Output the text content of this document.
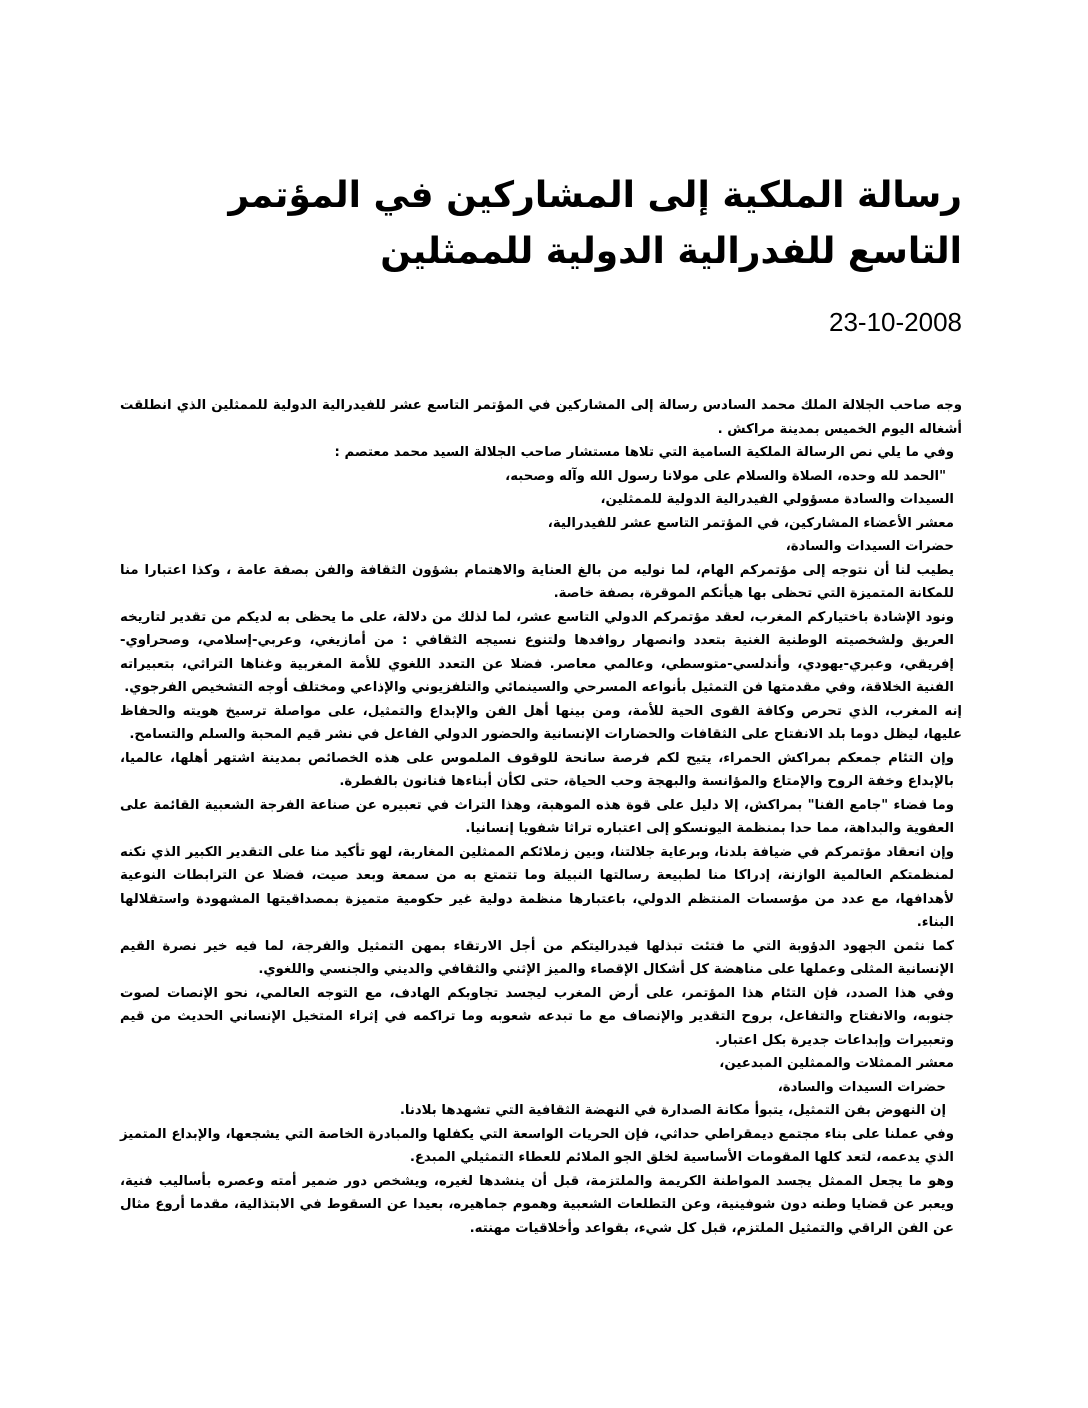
رسالة الملكية إلى المشاركين في المؤتمر التاسع للفدرالية الدولية للممثلين
23-10-2008

وجه صاحب الجلالة الملك محمد السادس رسالة إلى المشاركين في المؤتمر التاسع عشر للفيدرالية الدولية للممثلين الذي انطلقت أشغاله اليوم الخميس بمدينة مراكش .

وفي ما يلي نص الرسالة الملكية السامية التي تلاها مستشار صاحب الجلالة السيد محمد معتصم :

"الحمد لله وحده، الصلاة والسلام على مولانا رسول الله وآله وصحبه،

السيدات والسادة مسؤولي الفيدرالية الدولية للممثلين،

معشر الأعضاء المشاركين، في المؤتمر التاسع عشر للفيدرالية،

حضرات السيدات والسادة،

يطيب لنا أن نتوجه إلى مؤتمركم الهام، لما نوليه من بالغ العناية والاهتمام بشؤون الثقافة والفن بصفة عامة ، وكذا اعتبارا منا للمكانة المتميزة التي تحظى بها هيأتكم الموقرة، بصفة خاصة.

ونود الإشادة باختياركم المغرب، لعقد مؤتمركم الدولي التاسع عشر، لما لذلك من دلالة، على ما يحظى به لديكم من تقدير لتاريخه العريق ولشخصيته الوطنية الغنية بتعدد وانصهار روافدها ولتنوع نسيجه الثقافي : من أمازيغي، وعربي-إسلامي، وصحراوي-إفريقي، وعبري-يهودي، وأندلسي-متوسطي، وعالمي معاصر. فضلا عن التعدد اللغوي للأمة المغربية وغناها التراثي، بتعبيراته الفنية الخلاقة، وفي مقدمتها فن التمثيل بأنواعه المسرحي والسينمائي والتلفزيوني والإذاعي ومختلف أوجه التشخيص الفرجوي.

إنه المغرب، الذي تحرص وكافة القوى الحية للأمة، ومن بينها أهل الفن والإبداع والتمثيل، على مواصلة ترسيخ هويته والحفاظ عليها، ليظل دوما بلد الانفتاح على الثقافات والحضارات الإنسانية والحضور الدولي الفاعل في نشر قيم المحبة والسلم والتسامح.

وإن التئام جمعكم بمراكش الحمراء، يتيح لكم فرصة سانحة للوقوف الملموس على هذه الخصائص بمدينة اشتهر أهلها، عالميا، بالإبداع وخفة الروح والإمتاع والمؤانسة والبهجة وحب الحياة، حتى لكأن أبناءها فنانون بالفطرة.

وما فضاء "جامع الفنا" بمراكش، إلا دليل على قوة هذه الموهبة، وهذا التراث في تعبيره عن صناعة الفرجة الشعبية القائمة على العفوية والبداهة، مما حدا بمنظمة اليونسكو إلى اعتباره تراثا شفويا إنسانيا.

وإن انعقاد مؤتمركم في ضيافة بلدنا، وبرعاية جلالتنا، وبين زملائكم الممثلين المغاربة، لهو تأكيد منا على التقدير الكبير الذي نكنه لمنظمتكم العالمية الوازنة، إدراكا منا لطبيعة رسالتها النبيلة وما تتمتع به من سمعة وبعد صيت، فضلا عن الترابطات النوعية لأهدافها، مع عدد من مؤسسات المنتظم الدولي، باعتبارها منظمة دولية غير حكومية متميزة بمصداقيتها المشهودة واستقلالها البناء.

كما نثمن الجهود الدؤوبة التي ما فتئت تبذلها فيدراليتكم من أجل الارتقاء بمهن التمثيل والفرجة، لما فيه خير نصرة القيم الإنسانية المثلى وعملها على مناهضة كل أشكال الإقصاء والميز الإثني والثقافي والديني والجنسي واللغوي.

وفي هذا الصدد، فإن التئام هذا المؤتمر، على أرض المغرب ليجسد تجاوبكم الهادف، مع التوجه العالمي، نحو الإنصات لصوت جنوبه، والانفتاح والتفاعل، بروح التقدير والإنصاف مع ما تبدعه شعوبه وما تراكمه في إثراء المتخيل الإنساني الحديث من قيم وتعبيرات وإبداعات جديرة بكل اعتبار.

معشر الممثلات والممثلين المبدعين،

حضرات السيدات والسادة،

إن النهوض بفن التمثيل، يتبوأ مكانة الصدارة في النهضة الثقافية التي تشهدها بلادنا.

وفي عملنا على بناء مجتمع ديمقراطي حداثي، فإن الحريات الواسعة التي يكفلها والمبادرة الخاصة التي يشجعها، والإبداع المتميز الذي يدعمه، لتعد كلها المقومات الأساسية لخلق الجو الملائم للعطاء التمثيلي المبدع.

وهو ما يجعل الممثل يجسد المواطنة الكريمة والملتزمة، قبل أن ينشدها لغيره، ويشخص دور ضمير أمته وعصره بأساليب فنية، ويعبر عن قضايا وطنه دون شوفينية، وعن التطلعات الشعبية وهموم جماهيره، بعيدا عن السقوط في الابتذالية، مقدما أروع مثال عن الفن الراقي والتمثيل الملتزم، قبل كل شيء، بقواعد وأخلاقيات مهنته.
